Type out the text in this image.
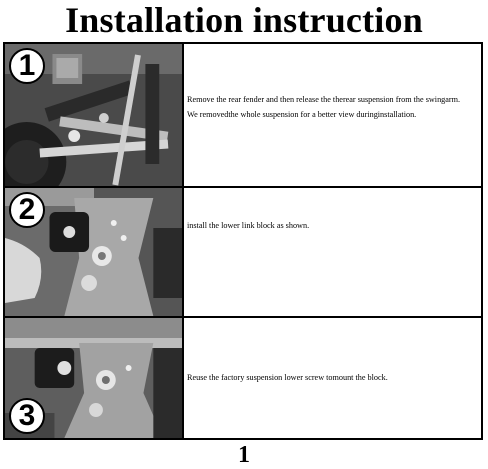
Installation instruction
1
Remove the rear fender and then release the therear suspension from the swingarm.
We removedthe whole suspension for a better view duringinstallation.
2	install the lower link block as shown.
3
Reuse the factory suspension lower screw tomount the block.
1
